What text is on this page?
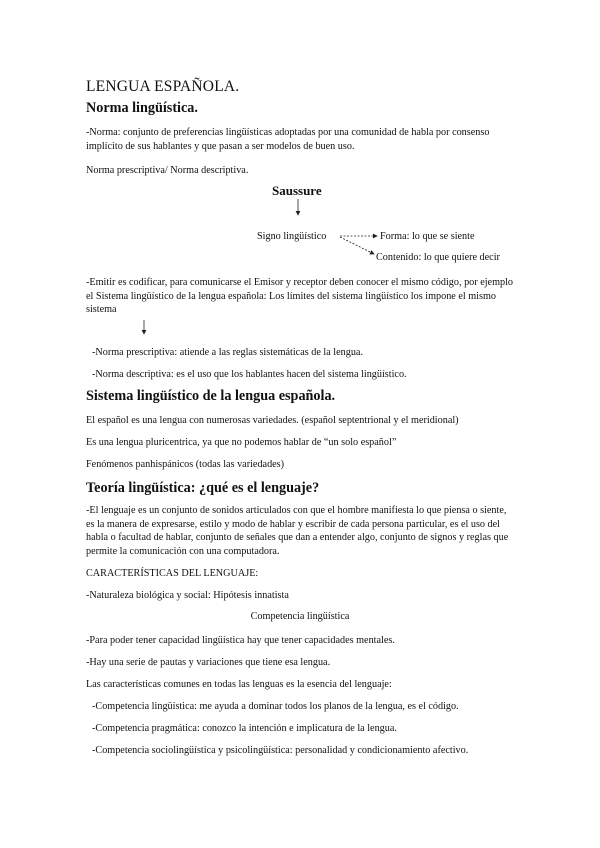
LENGUA ESPAÑOLA.
Norma lingüística.
-Norma: conjunto de preferencias lingüísticas adoptadas por una comunidad de habla por consenso implícito de sus hablantes y que pasan a ser modelos de buen uso.
Norma prescriptiva/ Norma descriptiva.
Saussure
Signo lingüístico	Forma: lo que se siente
Contenido: lo que quiere decir
-Emitir es codificar, para comunicarse el Emisor y receptor deben conocer el mismo código, por ejemplo el Sistema lingüístico de la lengua española: Los límites del sistema lingüístico los impone el mismo sistema
-Norma prescriptiva: atiende a las reglas sistemáticas de la lengua.
-Norma descriptiva: es el uso que los hablantes hacen del sistema lingüístico.
Sistema lingüístico de la lengua española.
El español es una lengua con numerosas variedades. (español septentrional y el meridional)
Es una lengua pluricentrica, ya que no podemos hablar de “un solo español”
Fenómenos panhispánicos (todas las variedades)
Teoría lingüística: ¿qué es el lenguaje?
-El lenguaje es un conjunto de sonidos articulados con que el hombre manifiesta lo que piensa o siente, es la manera de expresarse, estilo y modo de hablar y escribir de cada persona particular, es el uso del habla o facultad de hablar, conjunto de señales que dan a entender algo, conjunto de signos y reglas que permite la comunicación con una computadora.
CARACTERÍSTICAS DEL LENGUAJE:
-Naturaleza biológica y social: Hipótesis innatista
Competencia lingüística
-Para poder tener capacidad lingüística hay que tener capacidades mentales.
-Hay una serie de pautas y variaciones que tiene esa lengua.
Las características comunes en todas las lenguas es la esencia del lenguaje:
-Competencia lingüística: me ayuda a dominar todos los planos de la lengua, es el código.
-Competencia pragmática: conozco la intención e implicatura de la lengua.
-Competencia sociolingüística y psicolingüística: personalidad y condicionamiento afectivo.
